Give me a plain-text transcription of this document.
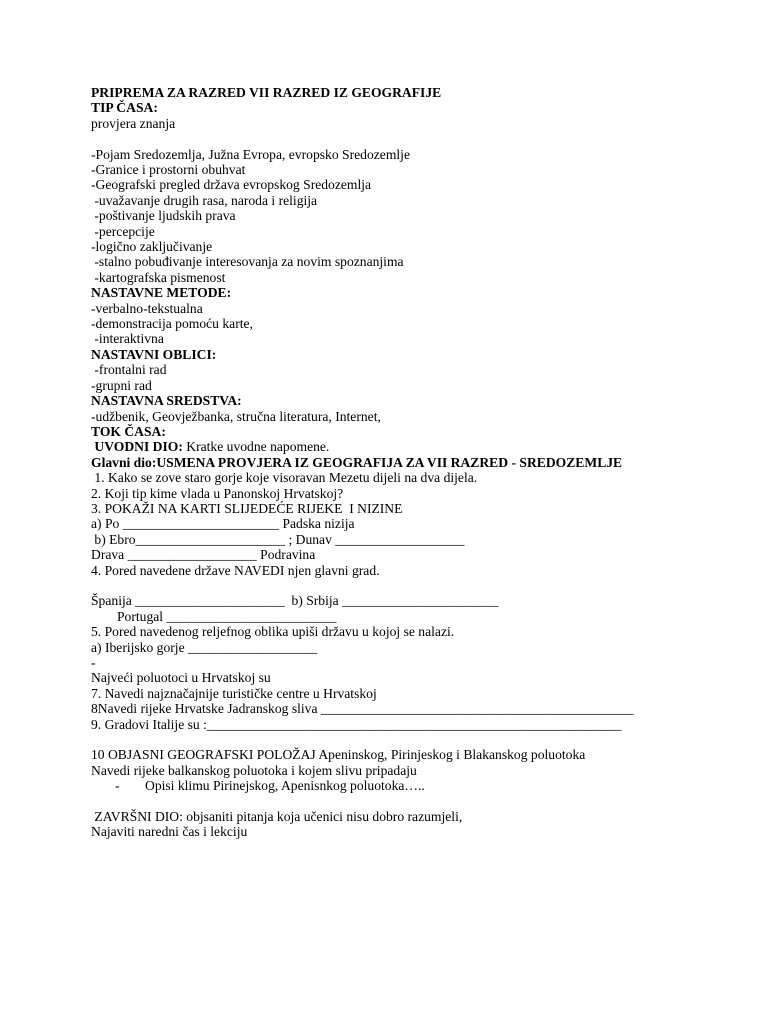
PRIPREMA ZA RAZRED VII RAZRED IZ GEOGRAFIJE
TIP ČASA:
provjera znanja
-Pojam Sredozemlja, Južna Evropa, evropsko Sredozemlje
-Granice i prostorni obuhvat
-Geografski pregled država evropskog Sredozemlja
-uvažavanje drugih rasa, naroda i religija
-poštivanje ljudskih prava
-percepcije
-logično zaključivanje
-stalno pobuđivanje interesovanja za novim spoznanjima
-kartografska pismenost
NASTAVNE METODE:
-verbalno-tekstualna
-demonstracija pomoću karte,
-interaktivna
NASTAVNI OBLICI:
-frontalni rad
-grupni rad
NASTAVNA SREDSTVA:
-udžbenik, Geovježbanka, stručna literatura, Internet,
TOK ČASA:
UVODNI DIO: Kratke uvodne napomene.
Glavni dio:USMENA PROVJERA IZ GEOGRAFIJA ZA VII RAZRED - SREDOZEMLJE
1. Kako se zove staro gorje koje visoravan Mezetu dijeli na dva dijela.
2. Koji tip kime vlada u Panonskoj Hrvatskoj?
3. POKAŽI NA KARTI SLIJEDEĆE RIJEKE  I NIZINE
a) Po _______________________ Padska nizija
b) Ebro______________________ ; Dunav ___________________
Drava ___________________ Podravina
4. Pored navedene države NAVEDI njen glavni grad.
Španija ______________________  b) Srbija _______________________
Portugal _________________________
5. Pored navedenog reljefnog oblika upiši državu u kojoj se nalazi.
a) Iberijsko gorje ___________________
-
Najveći poluotoci u Hrvatskoj su
7. Navedi najznačajnije turističke centre u Hrvatskoj
8Navedi rijeke Hrvatske Jadranskog sliva ______________________________________________
9. Gradovi Italije su :_____________________________________________________________
10 OBJASNI GEOGRAFSKI POLOŽAJ Apeninskog, Pirinjeskog i Blakanskog poluotoka
Navedi rijeke balkanskog poluotoka i kojem slivu pripadaju
- Opisi klimu Pirinejskog, Apenisnkog poluotoka…..
ZAVRŠNI DIO: objsaniti pitanja koja učenici nisu dobro razumjeli,
Najaviti naredni čas i lekciju
